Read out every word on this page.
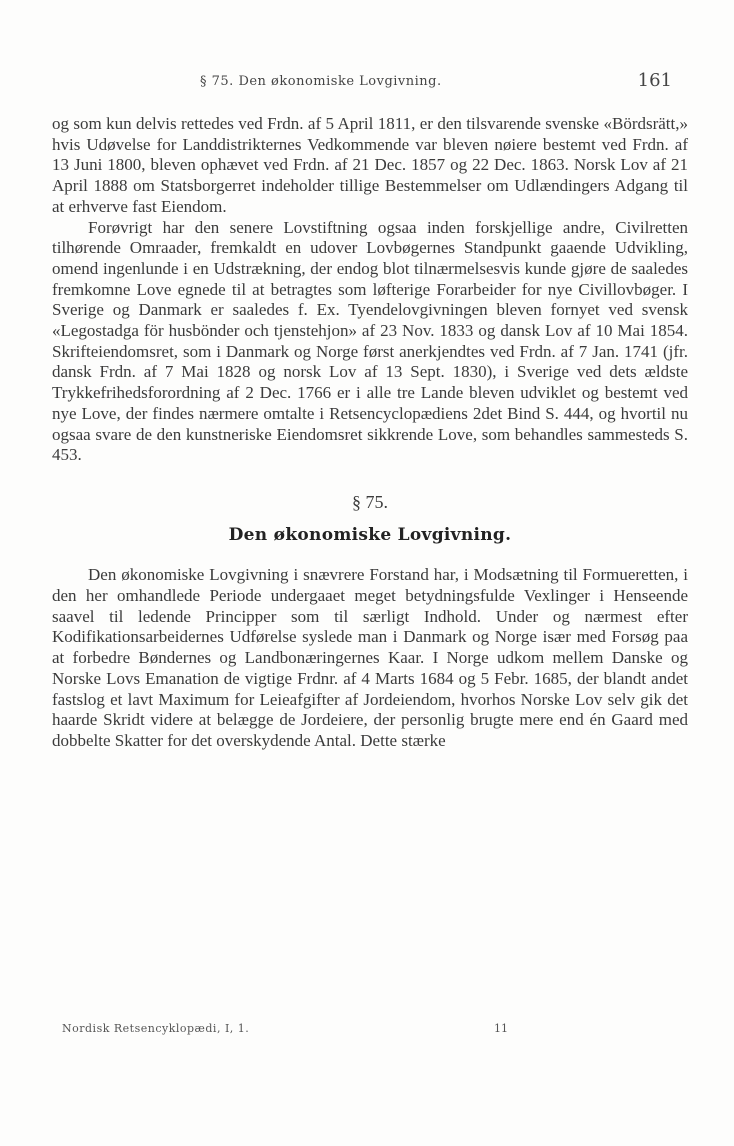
§ 75. Den økonomiske Lovgivning.	161

og som kun delvis rettedes ved Frdn. af 5 April 1811, er den tilsvarende svenske «Bördsrätt,» hvis Udøvelse for Landdistrikternes Vedkommende var bleven nøiere bestemt ved Frdn. af 13 Juni 1800, bleven ophævet ved Frdn. af 21 Dec. 1857 og 22 Dec. 1863. Norsk Lov af 21 April 1888 om Statsborgerret indeholder tillige Bestemmelser om Udlændingers Adgang til at erhverve fast Eiendom.

Forøvrigt har den senere Lovstiftning ogsaa inden forskjellige andre, Civilretten tilhørende Omraader, fremkaldt en udover Lovbøgernes Standpunkt gaaende Udvikling, omend ingenlunde i en Udstrækning, der endog blot tilnærmelsesvis kunde gjøre de saaledes fremkomne Love egnede til at betragtes som løfterige Forarbeider for nye Civillovbøger. I Sverige og Danmark er saaledes f. Ex. Tyendelovgivningen bleven fornyet ved svensk «Legostadga för husbönder och tjenstehjon» af 23 Nov. 1833 og dansk Lov af 10 Mai 1854. Skrifteiendomsret, som i Danmark og Norge først anerkjendtes ved Frdn. af 7 Jan. 1741 (jfr. dansk Frdn. af 7 Mai 1828 og norsk Lov af 13 Sept. 1830), i Sverige ved dets ældste Trykkefrihedsforordning af 2 Dec. 1766 er i alle tre Lande bleven udviklet og bestemt ved nye Love, der findes nærmere omtalte i Retsencyclopædiens 2det Bind S. 444, og hvortil nu ogsaa svare de den kunstneriske Eiendomsret sikkrende Love, som behandles sammesteds S. 453.

§ 75.
Den økonomiske Lovgivning.

Den økonomiske Lovgivning i snævrere Forstand har, i Modsætning til Formueretten, i den her omhandlede Periode undergaaet meget betydningsfulde Vexlinger i Henseende saavel til ledende Principper som til særligt Indhold. Under og nærmest efter Kodifikationsarbeidernes Udførelse syslede man i Danmark og Norge især med Forsøg paa at forbedre Bøndernes og Landbonæringernes Kaar. I Norge udkom mellem Danske og Norske Lovs Emanation de vigtige Frdnr. af 4 Marts 1684 og 5 Febr. 1685, der blandt andet fastslog et lavt Maximum for Leieafgifter af Jordeiendom, hvorhos Norske Lov selv gik det haarde Skridt videre at belægge de Jordeiere, der personlig brugte mere end én Gaard med dobbelte Skatter for det overskydende Antal. Dette stærke

Nordisk Retsencyklopædi, I, 1.	11
